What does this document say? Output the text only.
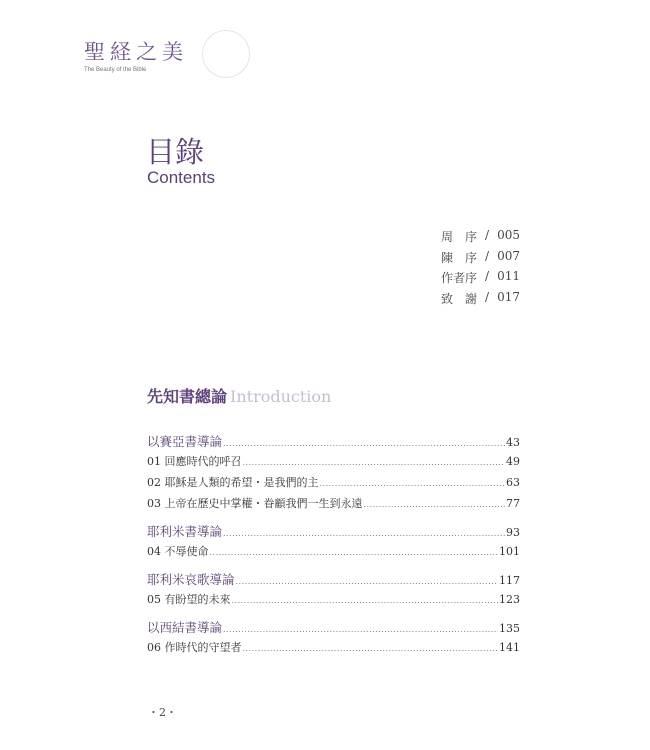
聖経之美
The Beauty of the Bible
目錄
Contents
周　序 / 005
陳　序 / 007
作者序 / 011
致　謝 / 017
先知書總論 Introduction
以賽亞書導論 .....	43
01 回應時代的呼召 .....	49
02 耶穌是人類的希望・是我們的主 .....	63
03 上帝在歷史中掌權・眷顧我們一生到永遠 .....	77
耶利米書導論 .....	93
04 不辱使命 .....	101
耶利米哀歌導論 .....	117
05 有盼望的未來 .....	123
以西結書導論 .....	135
06 作時代的守望者 .....	141
・2・
